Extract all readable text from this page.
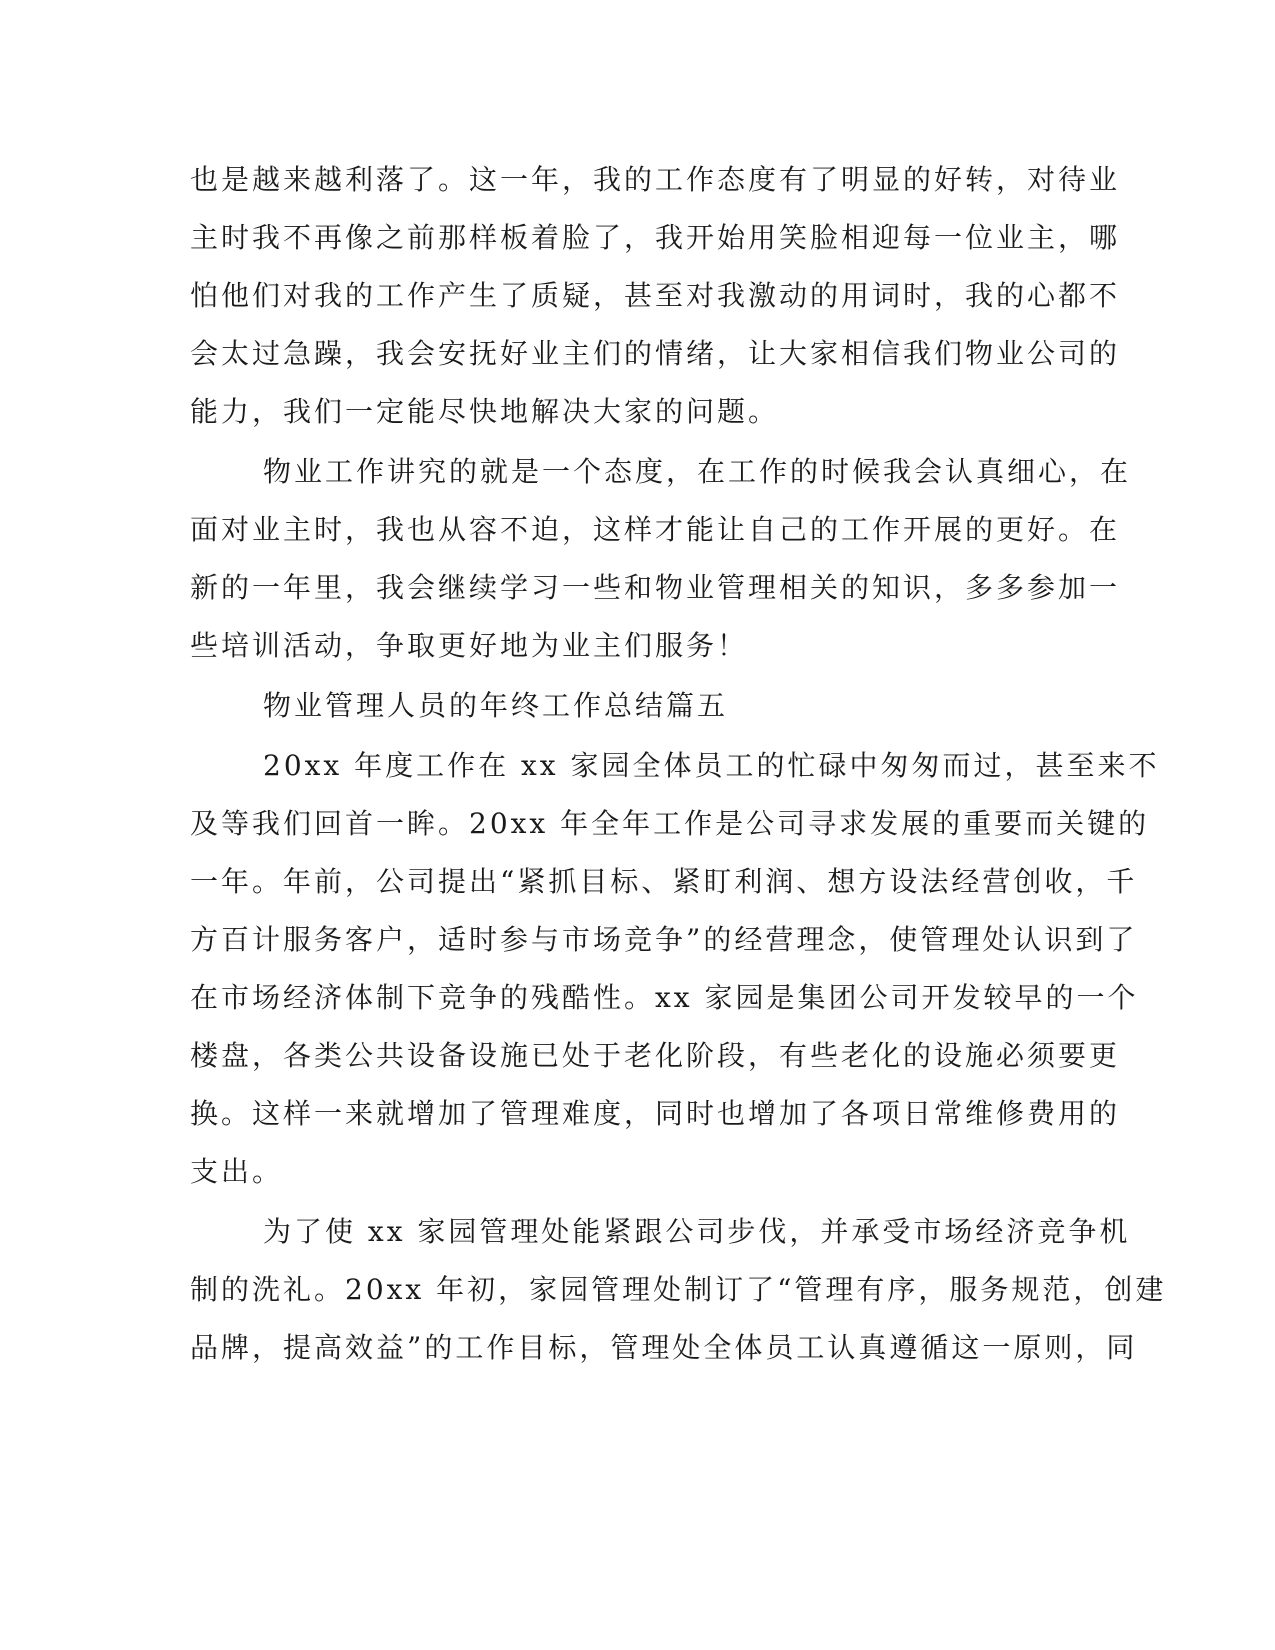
也是越来越利落了。这一年，我的工作态度有了明显的好转，对待业
主时我不再像之前那样板着脸了，我开始用笑脸相迎每一位业主，哪
怕他们对我的工作产生了质疑，甚至对我激动的用词时，我的心都不
会太过急躁，我会安抚好业主们的情绪，让大家相信我们物业公司的
能力，我们一定能尽快地解决大家的问题。
物业工作讲究的就是一个态度，在工作的时候我会认真细心，在
面对业主时，我也从容不迫，这样才能让自己的工作开展的更好。在
新的一年里，我会继续学习一些和物业管理相关的知识，多多参加一
些培训活动，争取更好地为业主们服务！
物业管理人员的年终工作总结篇五
20xx 年度工作在 xx 家园全体员工的忙碌中匆匆而过，甚至来不
及等我们回首一眸。20xx 年全年工作是公司寻求发展的重要而关键的
一年。年前，公司提出“紧抓目标、紧盯利润、想方设法经营创收，千
方百计服务客户，适时参与市场竞争”的经营理念，使管理处认识到了
在市场经济体制下竞争的残酷性。xx 家园是集团公司开发较早的一个
楼盘，各类公共设备设施已处于老化阶段，有些老化的设施必须要更
换。这样一来就增加了管理难度，同时也增加了各项日常维修费用的
支出。
为了使 xx 家园管理处能紧跟公司步伐，并承受市场经济竞争机
制的洗礼。20xx 年初，家园管理处制订了“管理有序，服务规范，创建
品牌，提高效益”的工作目标，管理处全体员工认真遵循这一原则，同
